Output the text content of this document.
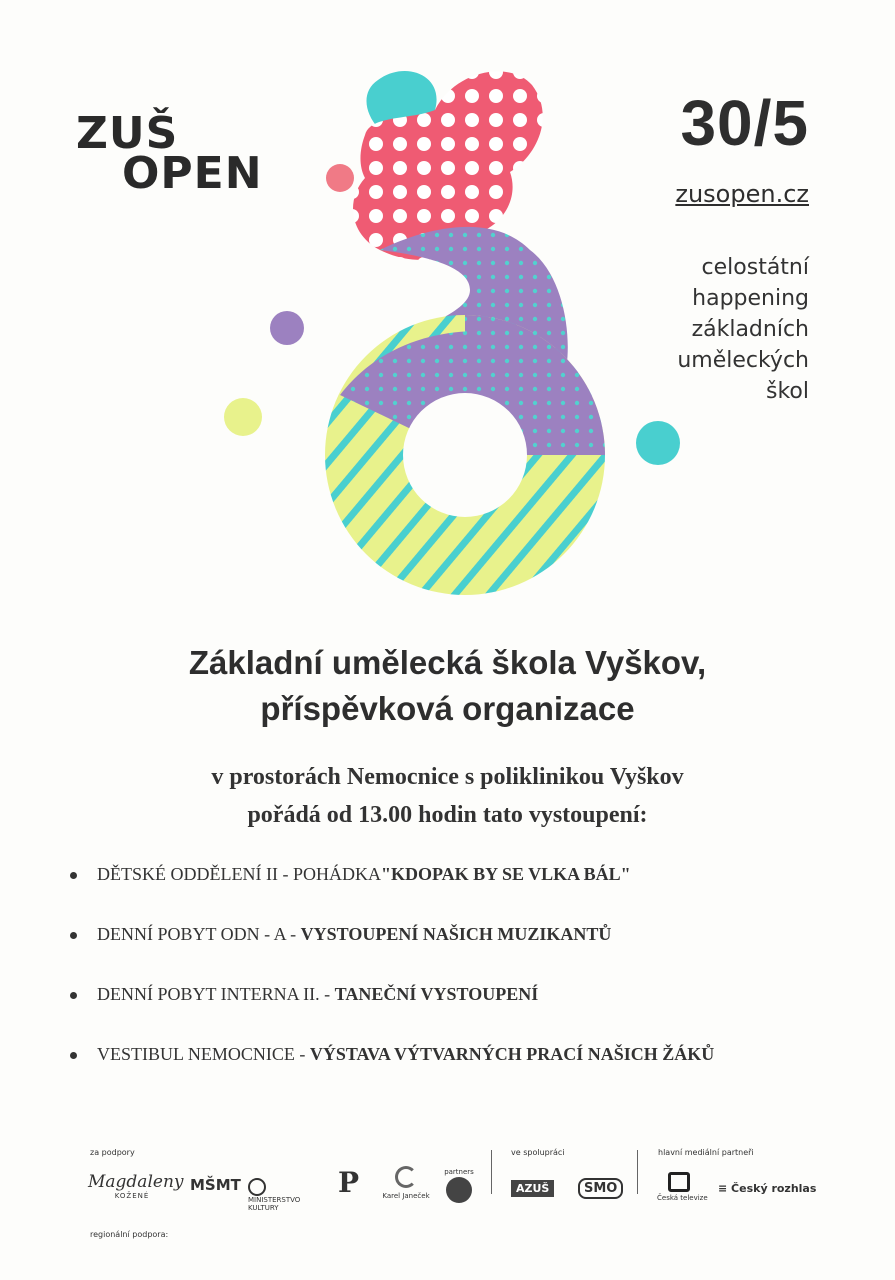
ZUŠ
OPEN
30/5
zusopen.cz
celostátní
happening
základních
uměleckých
škol
Základní umělecká škola Vyškov,
příspěvková organizace
v prostorách Nemocnice s poliklinikou Vyškov
pořádá od 13.00 hodin tato vystoupení:
DĚTSKÉ ODDĚLENÍ II - POHÁDKA"KDOPAK BY SE VLKA BÁL"
DENNÍ POBYT ODN - A - VYSTOUPENÍ NAŠICH MUZIKANTŮ
DENNÍ POBYT INTERNA II. - TANEČNÍ VYSTOUPENÍ
VESTIBUL NEMOCNICE - VÝSTAVA VÝTVARNÝCH PRACÍ NAŠICH ŽÁKŮ
za podpory	ve spolupráci	hlavní mediální partneři
Magdaleny
KOŽENÉ
MŠMT
MINISTERSTVO KULTURY
P	Karel Janeček
partners
AZUŠ	SMO
Česká televize
≡ Český rozhlas
regionální podpora:
